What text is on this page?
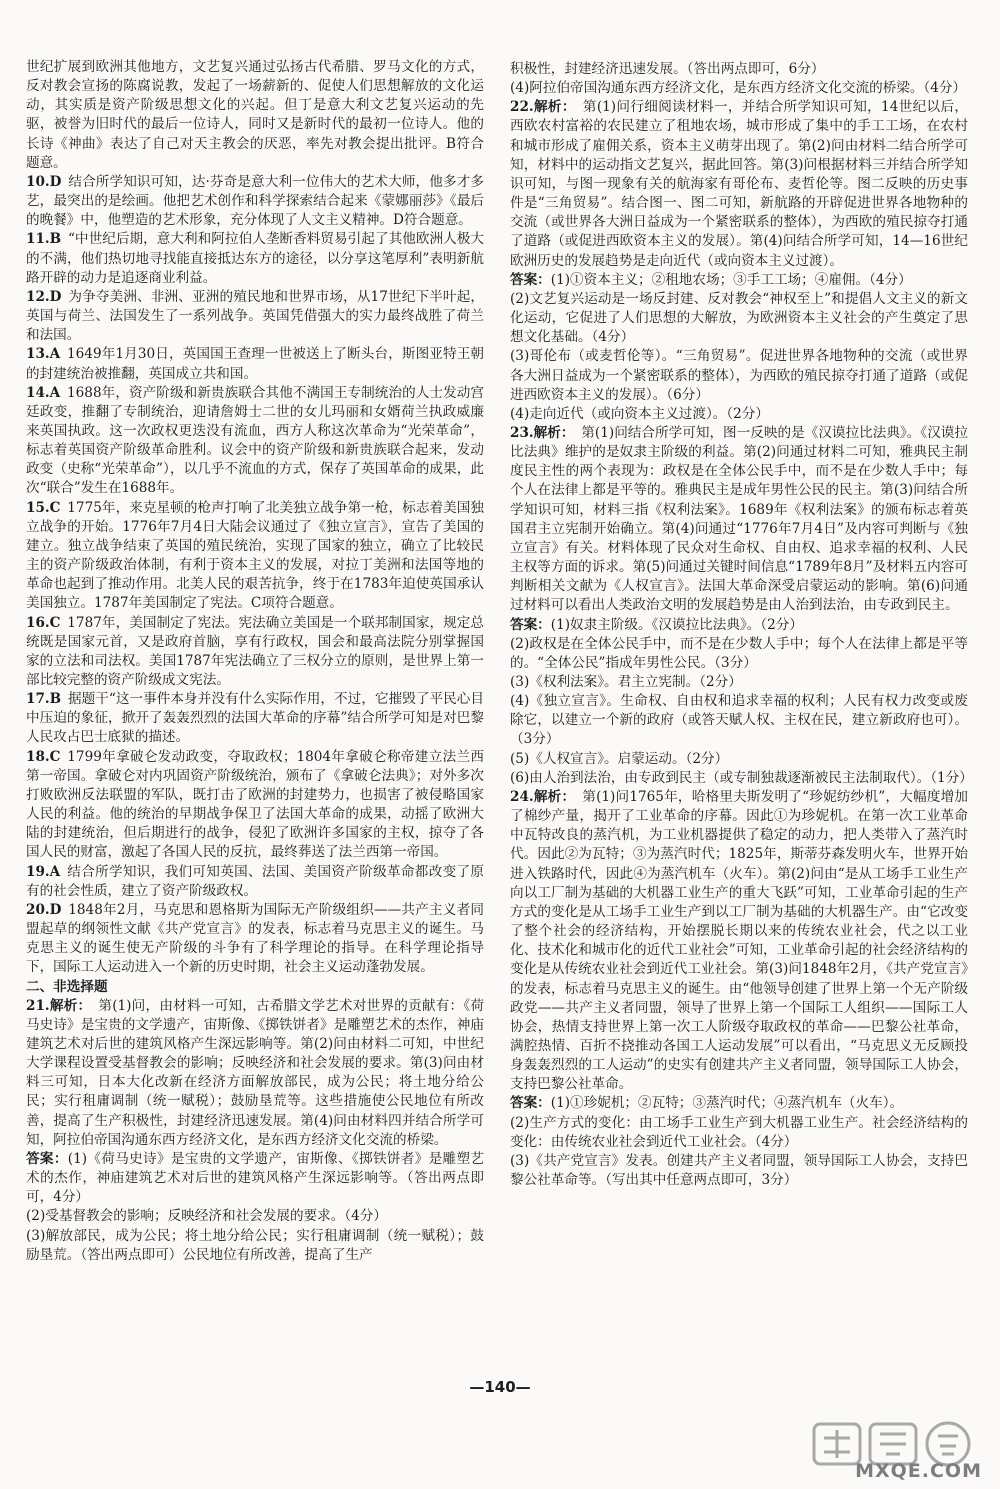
世纪扩展到欧洲其他地方，文艺复兴通过弘扬古代希腊、罗马文化的方式，反对教会宣扬的陈腐说教，发起了一场薪新的、促使人们思想解放的文化运动，其实质是资产阶级思想文化的兴起。但丁是意大利文艺复兴运动的先驱，被誉为旧时代的最后一位诗人，同时又是新时代的最初一位诗人。他的长诗《神曲》表达了自己对天主教会的厌恶，率先对教会提出批评。B符合题意。

10.D  结合所学知识可知，达·芬奇是意大利一位伟大的艺术大师，他多才多艺，最突出的是绘画。他把艺术创作和科学探索结合起来《蒙娜丽莎》《最后的晚餐》中，他塑造的艺术形象，充分体现了人文主义精神。D符合题意。

11.B  “中世纪后期，意大利和阿拉伯人垄断香料贸易引起了其他欧洲人极大的不满，他们热切地寻找能直接抵达东方的途径，以分享这笔厚利”表明新航路开辟的动力是追逐商业利益。

12.D  为争夺美洲、非洲、亚洲的殖民地和世界市场，从17世纪下半叶起，英国与荷兰、法国发生了一系列战争。英国凭借强大的实力最终战胜了荷兰和法国。

13.A  1649年1月30日，英国国王查理一世被送上了断头台，斯图亚特王朝的封建统治被推翻，英国成立共和国。

14.A  1688年，资产阶级和新贵族联合其他不满国王专制统治的人士发动宫廷政变，推翻了专制统治，迎请詹姆士二世的女儿玛丽和女婿荷兰执政威廉来英国执政。这一次政权更迭没有流血，西方人称这次革命为“光荣革命”，标志着英国资产阶级革命胜利。议会中的资产阶级和新贵族联合起来，发动政变（史称“光荣革命”），以几乎不流血的方式，保存了英国革命的成果，此次“联合”发生在1688年。

15.C  1775年，来克星顿的枪声打响了北美独立战争第一枪，标志着美国独立战争的开始。1776年7月4日大陆会议通过了《独立宣言》，宣告了美国的建立。独立战争结束了英国的殖民统治，实现了国家的独立，确立了比较民主的资产阶级政治体制，有利于资本主义的发展，对拉丁美洲和法国等地的革命也起到了推动作用。北美人民的艰苦抗争，终于在1783年迫使英国承认美国独立。1787年美国制定了宪法。C项符合题意。

16.C  1787年，美国制定了宪法。宪法确立美国是一个联邦制国家，规定总统既是国家元首，又是政府首脑，享有行政权，国会和最高法院分别掌握国家的立法和司法权。美国1787年宪法确立了三权分立的原则，是世界上第一部比较完整的资产阶级成文宪法。

17.B  据题干“这一事件本身并没有什么实际作用，不过，它摧毁了平民心目中压迫的象征，掀开了轰轰烈烈的法国大革命的序幕”结合所学可知是对巴黎人民攻占巴士底狱的描述。

18.C  1799年拿破仑发动政变，夺取政权；1804年拿破仑称帝建立法兰西第一帝国。拿破仑对内巩固资产阶级统治，颁布了《拿破仑法典》；对外多次打败欧洲反法联盟的军队，既打击了欧洲的封建势力，也损害了被侵略国家人民的利益。他的统治的早期战争保卫了法国大革命的成果，动摇了欧洲大陆的封建统治，但后期进行的战争，侵犯了欧洲许多国家的主权，掠夺了各国人民的财富，激起了各国人民的反抗，最终葬送了法兰西第一帝国。

19.A  结合所学知识，我们可知英国、法国、美国资产阶级革命都改变了原有的社会性质，建立了资产阶级政权。

20.D  1848年2月，马克思和恩格斯为国际无产阶级组织——共产主义者同盟起草的纲领性文献《共产党宣言》的发表，标志着马克思主义的诞生。马克思主义的诞生使无产阶级的斗争有了科学理论的指导。在科学理论指导下，国际工人运动进入一个新的历史时期，社会主义运动蓬勃发展。

二、非选择题

21.解析：  第(1)问，由材料一可知，古希腊文学艺术对世界的贡献有：《荷马史诗》是宝贵的文学遗产，宙斯像、《掷铁饼者》是雕塑艺术的杰作，神庙建筑艺术对后世的建筑风格产生深远影响等。第(2)问由材料二可知，中世纪大学课程设置受基督教会的影响；反映经济和社会发展的要求。第(3)问由材料三可知，日本大化改新在经济方面解放部民，成为公民；将土地分给公民；实行租庸调制（统一赋税）；鼓励垦荒等。这些措施使公民地位有所改善，提高了生产积极性，封建经济迅速发展。第(4)问由材料四并结合所学可知，阿拉伯帝国沟通东西方经济文化，是东西方经济文化交流的桥梁。

答案：(1)《荷马史诗》是宝贵的文学遗产，宙斯像、《掷铁饼者》是雕塑艺术的杰作，神庙建筑艺术对后世的建筑风格产生深远影响等。（答出两点即可，4分）

(2)受基督教会的影响；反映经济和社会发展的要求。（4分）

(3)解放部民，成为公民；将土地分给公民；实行租庸调制（统一赋税）；鼓励垦荒。（答出两点即可）公民地位有所改善，提高了生产

积极性，封建经济迅速发展。（答出两点即可，6分）

(4)阿拉伯帝国沟通东西方经济文化，是东西方经济文化交流的桥梁。（4分）

22.解析：  第(1)问行细阅读材料一，并结合所学知识可知，14世纪以后，西欧农村富裕的农民建立了租地农场，城市形成了集中的手工工场，在农村和城市形成了雇佣关系，资本主义萌芽出现了。第(2)问由材料二结合所学可知，材料中的运动指文艺复兴，据此回答。第(3)问根据材料三并结合所学知识可知，与图一现象有关的航海家有哥伦布、麦哲伦等。图二反映的历史事件是“三角贸易”。结合图一、图二可知，新航路的开辟促进世界各地物种的交流（或世界各大洲日益成为一个紧密联系的整体），为西欧的殖民掠夺打通了道路（或促进西欧资本主义的发展）。第(4)问结合所学可知，14—16世纪欧洲历史的发展趋势是走向近代（或向资本主义过渡）。

答案：(1)①资本主义；②租地农场；③手工工场；④雇佣。（4分）

(2)文艺复兴运动是一场反封建、反对教会“神权至上”和提倡人文主义的新文化运动，它促进了人们思想的大解放，为欧洲资本主义社会的产生奠定了思想文化基础。（4分）

(3)哥伦布（或麦哲伦等）。“三角贸易”。促进世界各地物种的交流（或世界各大洲日益成为一个紧密联系的整体），为西欧的殖民掠夺打通了道路（或促进西欧资本主义的发展）。（6分）

(4)走向近代（或向资本主义过渡）。（2分）

23.解析：  第(1)问结合所学可知，图一反映的是《汉谟拉比法典》。《汉谟拉比法典》维护的是奴隶主阶级的利益。第(2)问通过材料二可知，雅典民主制度民主性的两个表现为：政权是在全体公民手中，而不是在少数人手中；每个人在法律上都是平等的。雅典民主是成年男性公民的民主。第(3)问结合所学知识可知，材料三指《权利法案》。1689年《权利法案》的颁布标志着英国君主立宪制开始确立。第(4)问通过“1776年7月4日”及内容可判断与《独立宣言》有关。材料体现了民众对生命权、自由权、追求幸福的权利、人民主权等方面的诉求。第(5)问通过关键时间信息“1789年8月”及材料五内容可判断相关文献为《人权宣言》。法国大革命深受启蒙运动的影响。第(6)问通过材料可以看出人类政治文明的发展趋势是由人治到法治，由专政到民主。

答案：(1)奴隶主阶级。《汉谟拉比法典》。（2分）

(2)政权是在全体公民手中，而不是在少数人手中；每个人在法律上都是平等的。“全体公民”指成年男性公民。（3分）

(3)《权利法案》。君主立宪制。（2分）

(4)《独立宣言》。生命权、自由权和追求幸福的权利；人民有权力改变或废除它，以建立一个新的政府（或答天赋人权、主权在民，建立新政府也可）。（3分）

(5)《人权宣言》。启蒙运动。（2分）

(6)由人治到法治，由专政到民主（或专制独裁逐渐被民主法制取代）。（1分）

24.解析：  第(1)问1765年，哈格里夫斯发明了“珍妮纺纱机”，大幅度增加了棉纱产量，揭开了工业革命的序幕。因此①为珍妮机。在第一次工业革命中瓦特改良的蒸汽机，为工业机器提供了稳定的动力，把人类带入了蒸汽时代。因此②为瓦特；③为蒸汽时代；1825年，斯蒂芬森发明火车，世界开始进入铁路时代，因此④为蒸汽机车（火车）。第(2)问由“是从工场手工业生产向以工厂制为基础的大机器工业生产的重大飞跃”可知，工业革命引起的生产方式的变化是从工场手工业生产到以工厂制为基础的大机器生产。由“它改变了整个社会的经济结构，开始摆脱长期以来的传统农业社会，代之以工业化、技术化和城市化的近代工业社会”可知，工业革命引起的社会经济结构的变化是从传统农业社会到近代工业社会。第(3)问1848年2月，《共产党宣言》的发表，标志着马克思主义的诞生。由“他领导创建了世界上第一个无产阶级政党——共产主义者同盟，领导了世界上第一个国际工人组织——国际工人协会，热情支持世界上第一次工人阶级夺取政权的革命——巴黎公社革命，满腔热情、百折不挠推动各国工人运动发展”可以看出，“马克思义无反顾投身轰轰烈烈的工人运动”的史实有创建共产主义者同盟，领导国际工人协会，支持巴黎公社革命。

答案：(1)①珍妮机；②瓦特；③蒸汽时代；④蒸汽机车（火车）。

(2)生产方式的变化：由工场手工业生产到大机器工业生产。社会经济结构的变化：由传统农业社会到近代工业社会。（4分）

(3)《共产党宣言》发表。创建共产主义者同盟，领导国际工人协会，支持巴黎公社革命等。（写出其中任意两点即可，3分）

—140—
MXQE.COM
